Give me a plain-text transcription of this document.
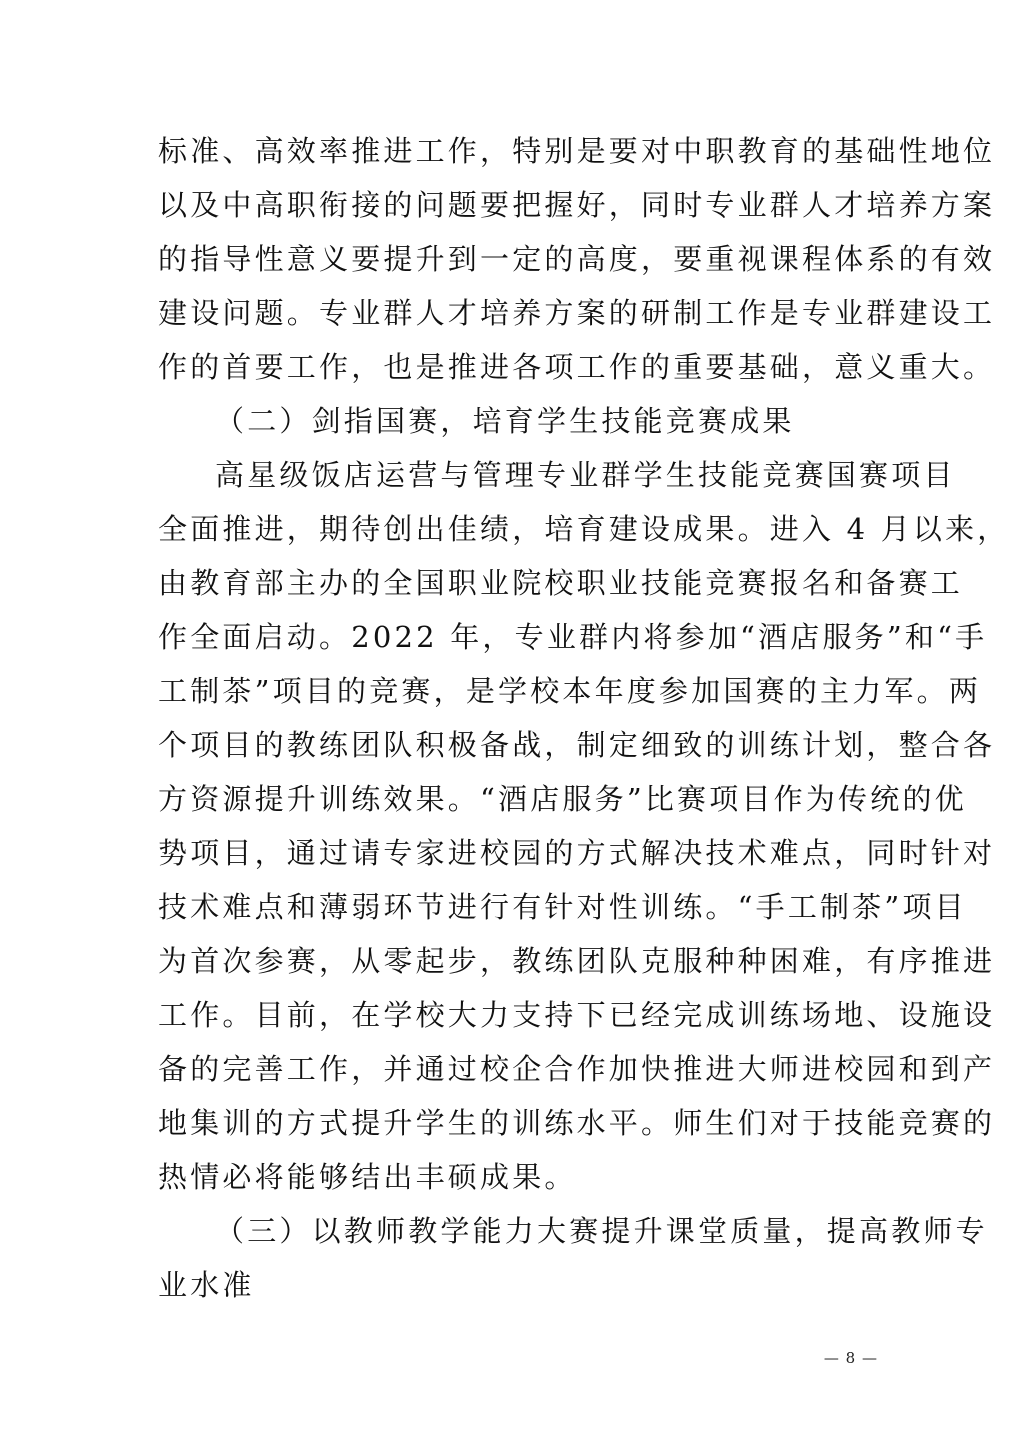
标准、高效率推进工作，特别是要对中职教育的基础性地位
以及中高职衔接的问题要把握好，同时专业群人才培养方案
的指导性意义要提升到一定的高度，要重视课程体系的有效
建设问题。专业群人才培养方案的研制工作是专业群建设工
作的首要工作，也是推进各项工作的重要基础，意义重大。
（二）剑指国赛，培育学生技能竞赛成果
高星级饭店运营与管理专业群学生技能竞赛国赛项目
全面推进，期待创出佳绩，培育建设成果。进入 4 月以来，
由教育部主办的全国职业院校职业技能竞赛报名和备赛工
作全面启动。2022 年，专业群内将参加“酒店服务”和“手
工制茶”项目的竞赛，是学校本年度参加国赛的主力军。两
个项目的教练团队积极备战，制定细致的训练计划，整合各
方资源提升训练效果。“酒店服务”比赛项目作为传统的优
势项目，通过请专家进校园的方式解决技术难点，同时针对
技术难点和薄弱环节进行有针对性训练。“手工制茶”项目
为首次参赛，从零起步，教练团队克服种种困难，有序推进
工作。目前，在学校大力支持下已经完成训练场地、设施设
备的完善工作，并通过校企合作加快推进大师进校园和到产
地集训的方式提升学生的训练水平。师生们对于技能竞赛的
热情必将能够结出丰硕成果。
（三）以教师教学能力大赛提升课堂质量，提高教师专
业水准
— 8 —
